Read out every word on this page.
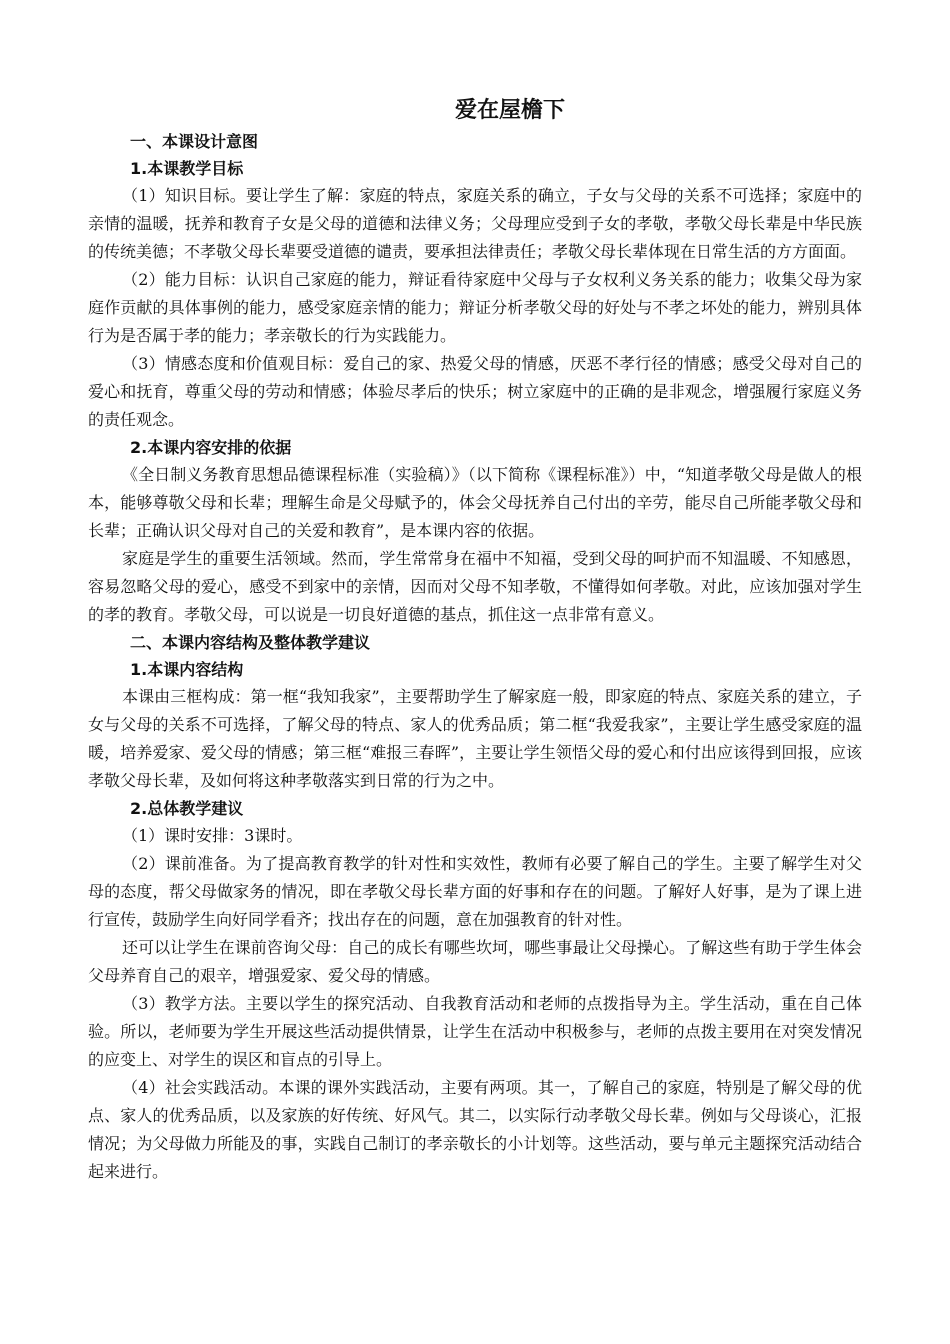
爱在屋檐下
一、本课设计意图
1.本课教学目标

（1）知识目标。要让学生了解：家庭的特点，家庭关系的确立，子女与父母的关系不可选择；家庭中的亲情的温暖，抚养和教育子女是父母的道德和法律义务；父母理应受到子女的孝敬，孝敬父母长辈是中华民族的传统美德；不孝敬父母长辈要受道德的谴责，要承担法律责任；孝敬父母长辈体现在日常生活的方方面面。

（2）能力目标：认识自己家庭的能力，辩证看待家庭中父母与子女权利义务关系的能力；收集父母为家庭作贡献的具体事例的能力，感受家庭亲情的能力；辩证分析孝敬父母的好处与不孝之坏处的能力，辨别具体行为是否属于孝的能力；孝亲敬长的行为实践能力。

（3）情感态度和价值观目标：爱自己的家、热爱父母的情感，厌恶不孝行径的情感；感受父母对自己的爱心和抚育，尊重父母的劳动和情感；体验尽孝后的快乐；树立家庭中的正确的是非观念，增强履行家庭义务的责任观念。

2.本课内容安排的依据

《全日制义务教育思想品德课程标准（实验稿）》（以下简称《课程标准》）中，“知道孝敬父母是做人的根本，能够尊敬父母和长辈；理解生命是父母赋予的，体会父母抚养自己付出的辛劳，能尽自己所能孝敬父母和长辈；正确认识父母对自己的关爱和教育”，是本课内容的依据。

家庭是学生的重要生活领域。然而，学生常常身在福中不知福，受到父母的呵护而不知温暖、不知感恩，容易忽略父母的爱心，感受不到家中的亲情，因而对父母不知孝敬，不懂得如何孝敬。对此，应该加强对学生的孝的教育。孝敬父母，可以说是一切良好道德的基点，抓住这一点非常有意义。

二、本课内容结构及整体教学建议
1.本课内容结构

本课由三框构成：第一框“我知我家”，主要帮助学生了解家庭一般，即家庭的特点、家庭关系的建立，子女与父母的关系不可选择，了解父母的特点、家人的优秀品质；第二框“我爱我家”，主要让学生感受家庭的温暖，培养爱家、爱父母的情感；第三框“难报三春晖”，主要让学生领悟父母的爱心和付出应该得到回报，应该孝敬父母长辈，及如何将这种孝敬落实到日常的行为之中。

2.总体教学建议

（1）课时安排：3课时。

（2）课前准备。为了提高教育教学的针对性和实效性，教师有必要了解自己的学生。主要了解学生对父母的态度，帮父母做家务的情况，即在孝敬父母长辈方面的好事和存在的问题。了解好人好事，是为了课上进行宣传，鼓励学生向好同学看齐；找出存在的问题，意在加强教育的针对性。

还可以让学生在课前咨询父母：自己的成长有哪些坎坷，哪些事最让父母操心。了解这些有助于学生体会父母养育自己的艰辛，增强爱家、爱父母的情感。

（3）教学方法。主要以学生的探究活动、自我教育活动和老师的点拨指导为主。学生活动，重在自己体验。所以，老师要为学生开展这些活动提供情景，让学生在活动中积极参与，老师的点拨主要用在对突发情况的应变上、对学生的误区和盲点的引导上。

（4）社会实践活动。本课的课外实践活动，主要有两项。其一，了解自己的家庭，特别是了解父母的优点、家人的优秀品质，以及家族的好传统、好风气。其二，以实际行动孝敬父母长辈。例如与父母谈心，汇报情况；为父母做力所能及的事，实践自己制订的孝亲敬长的小计划等。这些活动，要与单元主题探究活动结合起来进行。
